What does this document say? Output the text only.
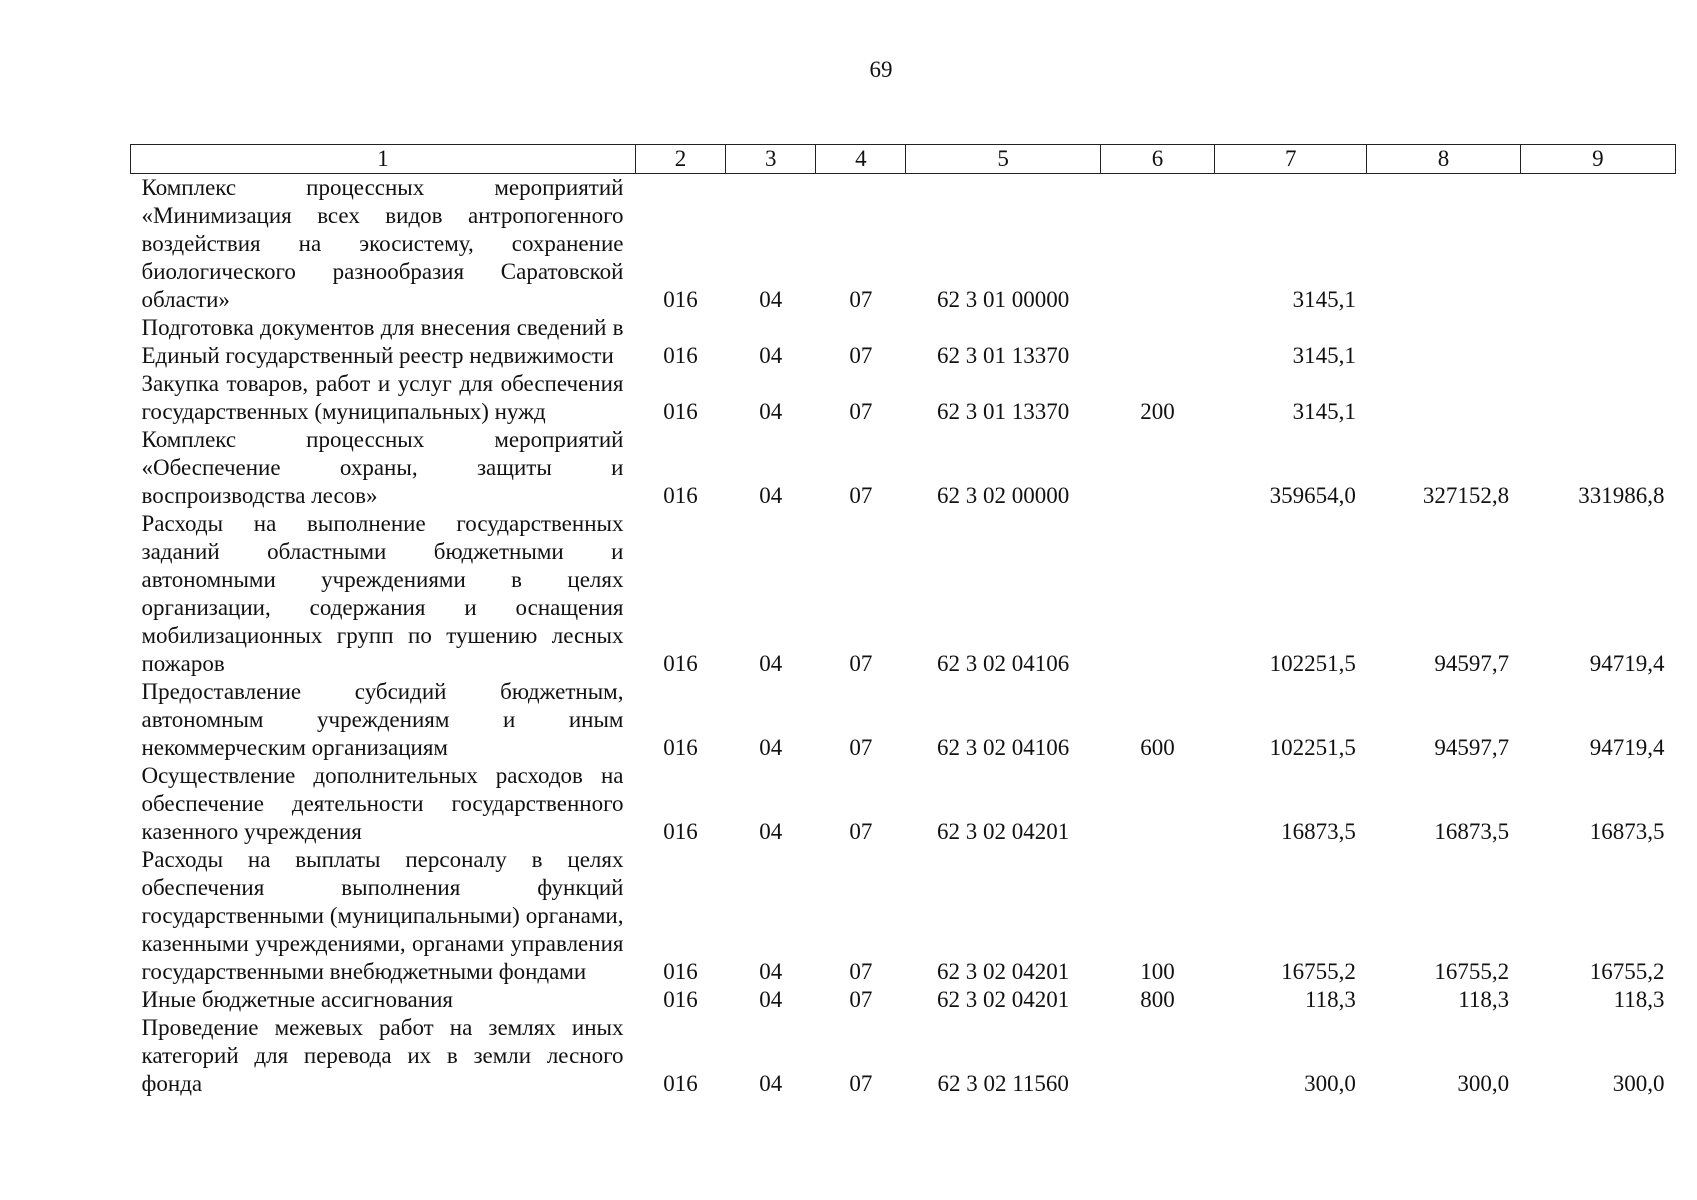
69
1	2	3	4	5	6	7	8	9
Комплекс процессных мероприятий «Минимизация всех видов антропогенного воздействия на экосистему, сохранение биологического разнообразия Саратовской области»	016	04	07	62 3 01 00000		3145,1		
Подготовка документов для внесения сведений в Единый государственный реестр недвижимости	016	04	07	62 3 01 13370		3145,1		
Закупка товаров, работ и услуг для обеспечения государственных (муниципальных) нужд	016	04	07	62 3 01 13370	200	3145,1		
Комплекс процессных мероприятий «Обеспечение охраны, защиты и воспроизводства лесов»	016	04	07	62 3 02 00000		359654,0	327152,8	331986,8
Расходы на выполнение государственных заданий областными бюджетными и автономными учреждениями в целях организации, содержания и оснащения мобилизационных групп по тушению лесных пожаров	016	04	07	62 3 02 04106		102251,5	94597,7	94719,4
Предоставление субсидий бюджетным, автономным учреждениям и иным некоммерческим организациям	016	04	07	62 3 02 04106	600	102251,5	94597,7	94719,4
Осуществление дополнительных расходов на обеспечение деятельности государственного казенного учреждения	016	04	07	62 3 02 04201		16873,5	16873,5	16873,5
Расходы на выплаты персоналу в целях обеспечения выполнения функций государственными (муниципальными) органами, казенными учреждениями, органами управления государственными внебюджетными фондами	016	04	07	62 3 02 04201	100	16755,2	16755,2	16755,2
Иные бюджетные ассигнования	016	04	07	62 3 02 04201	800	118,3	118,3	118,3
Проведение межевых работ на землях иных категорий для перевода их в земли лесного фонда	016	04	07	62 3 02 11560		300,0	300,0	300,0
